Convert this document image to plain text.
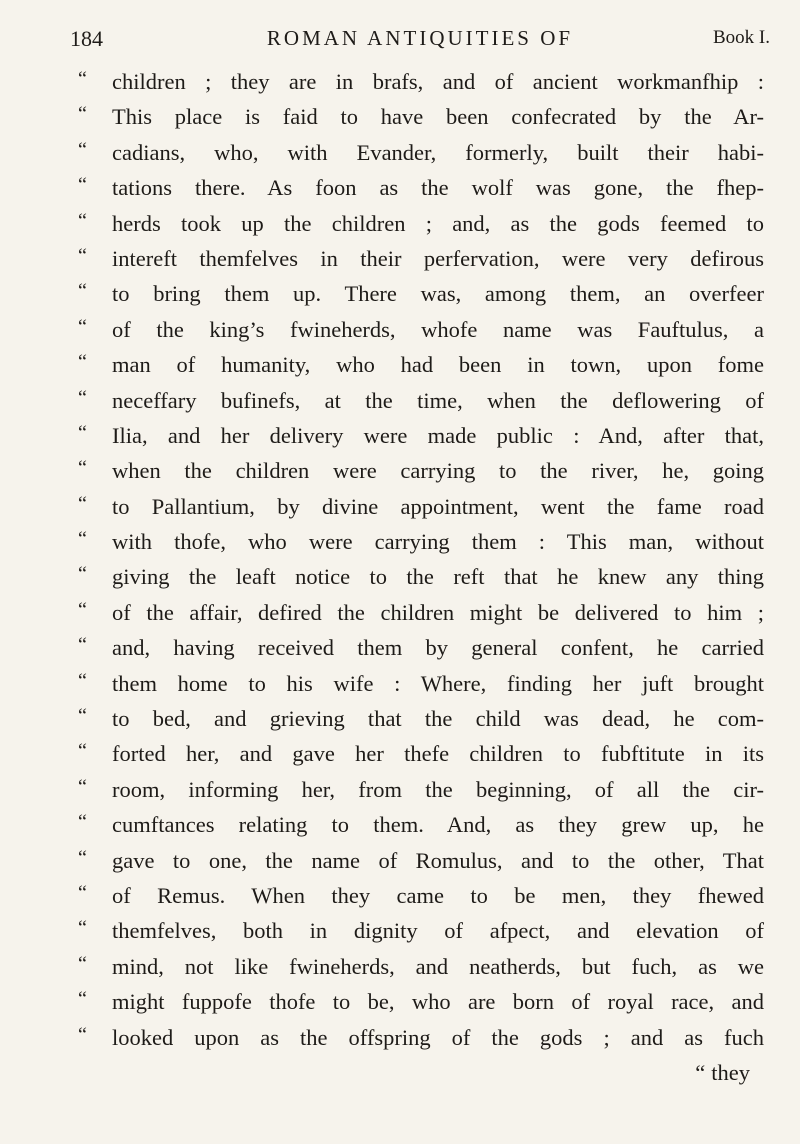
184	ROMAN ANTIQUITIES OF	Book I.
“ children ; they are in brafs, and of ancient workmanfhip :
“ This place is faid to have been confecrated by the Ar-
“ cadians, who, with Evander, formerly, built their habi-
“ tations there. As foon as the wolf was gone, the fhep-
“ herds took up the children ; and, as the gods feemed to
“ intereft themfelves in their perfervation, were very defirous
“ to bring them up. There was, among them, an overfeer
“ of the king’s fwineherds, whofe name was Fauftulus, a
“ man of humanity, who had been in town, upon fome
“ neceffary bufinefs, at the time, when the deflowering of
“ Ilia, and her delivery were made public : And, after that,
“ when the children were carrying to the river, he, going
“ to Pallantium, by divine appointment, went the fame road
“ with thofe, who were carrying them : This man, without
“ giving the leaft notice to the reft that he knew any thing
“ of the affair, defired the children might be delivered to him ;
“ and, having received them by general confent, he carried
“ them home to his wife : Where, finding her juft brought
“ to bed, and grieving that the child was dead, he com-
“ forted her, and gave her thefe children to fubftitute in its
“ room, informing her, from the beginning, of all the cir-
“ cumftances relating to them. And, as they grew up, he
“ gave to one, the name of Romulus, and to the other, That
“ of Remus. When they came to be men, they fhewed
“ themfelves, both in dignity of afpect, and elevation of
“ mind, not like fwineherds, and neatherds, but fuch, as we
“ might fuppofe thofe to be, who are born of royal race, and
“ looked upon as the offspring of the gods ; and as fuch
“ they
